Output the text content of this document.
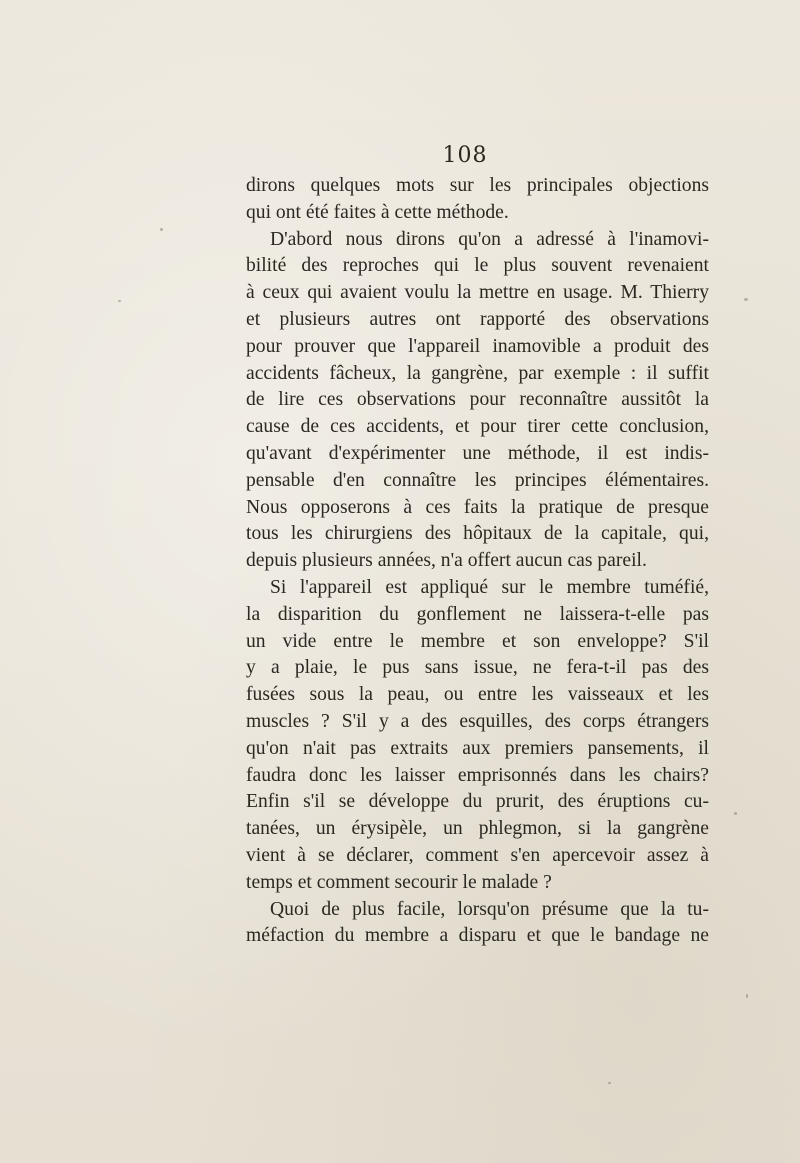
108
dirons quelques mots sur les principales objections
qui ont été faites à cette méthode.
D'abord nous dirons qu'on a adressé à l'inamovi-
bilité des reproches qui le plus souvent revenaient
à ceux qui avaient voulu la mettre en usage. M. Thierry
et plusieurs autres ont rapporté des observations
pour prouver que l'appareil inamovible a produit des
accidents fâcheux, la gangrène, par exemple : il suffit
de lire ces observations pour reconnaître aussitôt la
cause de ces accidents, et pour tirer cette conclusion,
qu'avant d'expérimenter une méthode, il est indis-
pensable d'en connaître les principes élémentaires.
Nous opposerons à ces faits la pratique de presque
tous les chirurgiens des hôpitaux de la capitale, qui,
depuis plusieurs années, n'a offert aucun cas pareil.
Si l'appareil est appliqué sur le membre tuméfié,
la disparition du gonflement ne laissera-t-elle pas
un vide entre le membre et son enveloppe? S'il
y a plaie, le pus sans issue, ne fera-t-il pas des
fusées sous la peau, ou entre les vaisseaux et les
muscles ? S'il y a des esquilles, des corps étrangers
qu'on n'ait pas extraits aux premiers pansements, il
faudra donc les laisser emprisonnés dans les chairs?
Enfin s'il se développe du prurit, des éruptions cu-
tanées, un érysipèle, un phlegmon, si la gangrène
vient à se déclarer, comment s'en apercevoir assez à
temps et comment secourir le malade ?
Quoi de plus facile, lorsqu'on présume que la tu-
méfaction du membre a disparu et que le bandage ne
